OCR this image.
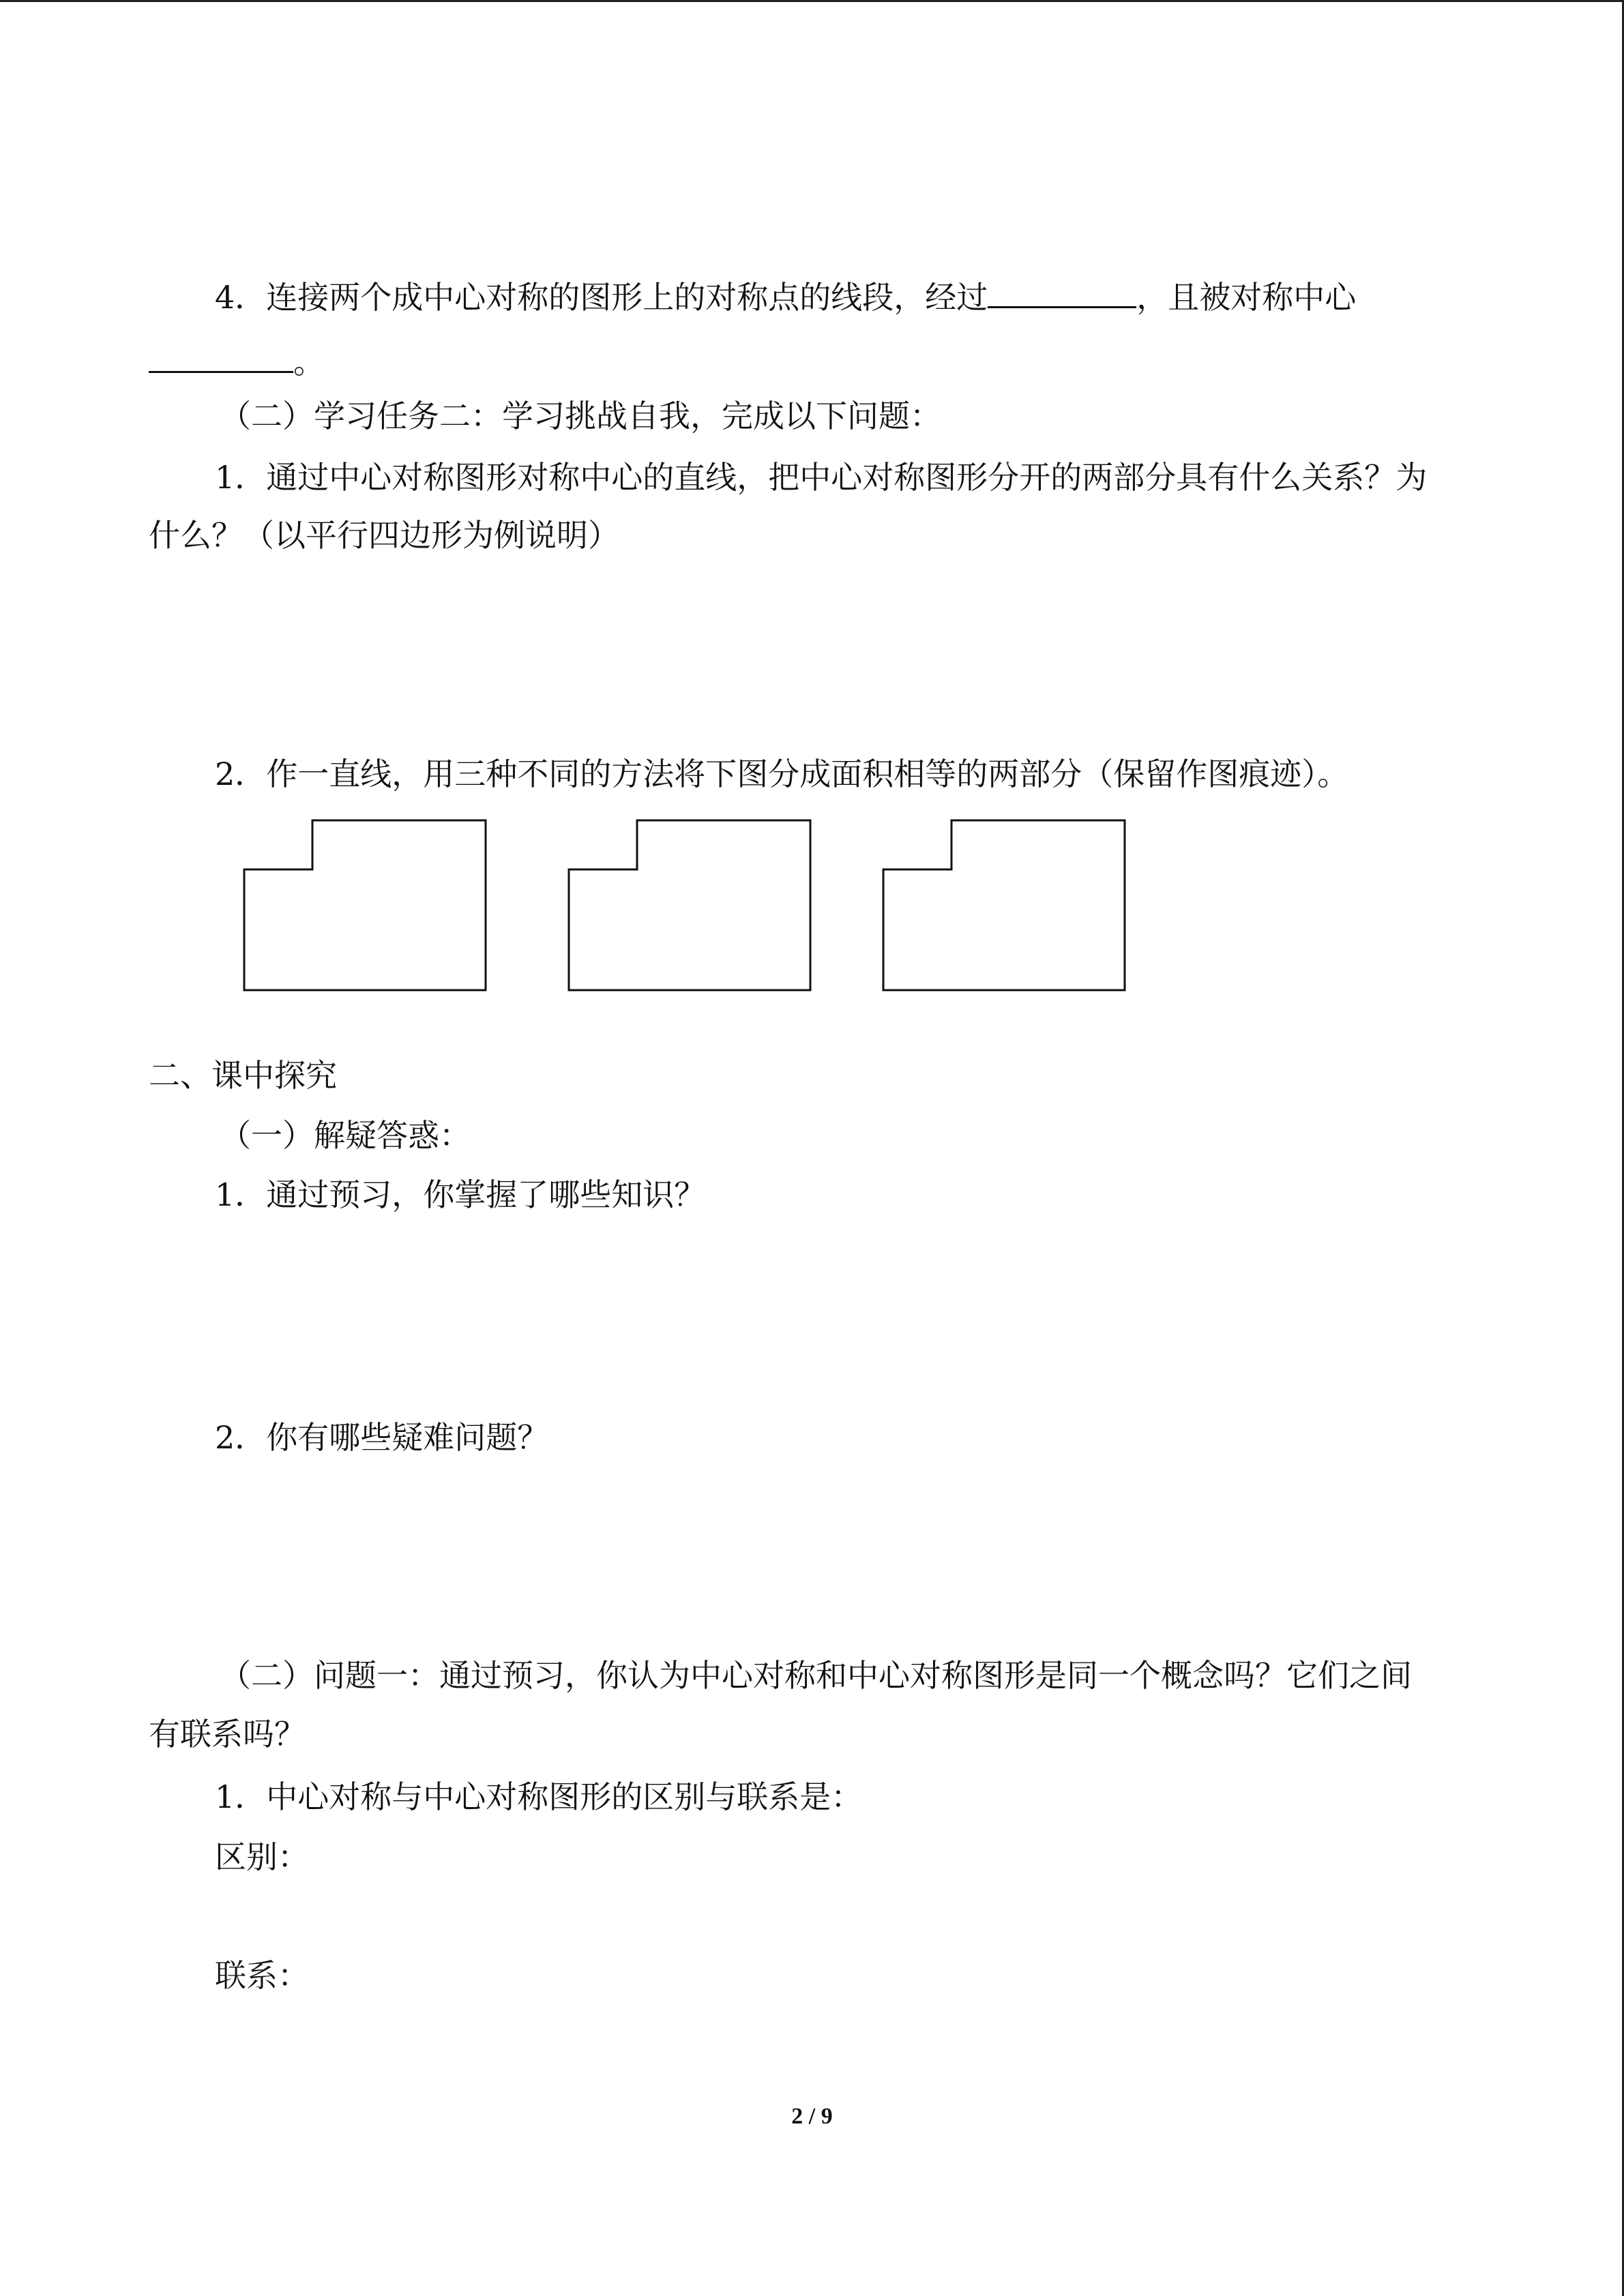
4．连接两个成中心对称的图形上的对称点的线段，经过	，且被对称中心
。
（二）学习任务二：学习挑战自我，完成以下问题：
1．通过中心对称图形对称中心的直线，把中心对称图形分开的两部分具有什么关系？为
什么？（以平行四边形为例说明）
2．作一直线，用三种不同的方法将下图分成面积相等的两部分（保留作图痕迹）。
二、课中探究
（一）解疑答惑：
1．通过预习，你掌握了哪些知识？
2．你有哪些疑难问题？
（二）问题一：通过预习，你认为中心对称和中心对称图形是同一个概念吗？它们之间
有联系吗？
1．中心对称与中心对称图形的区别与联系是：
区别：
联系：
2 / 9
